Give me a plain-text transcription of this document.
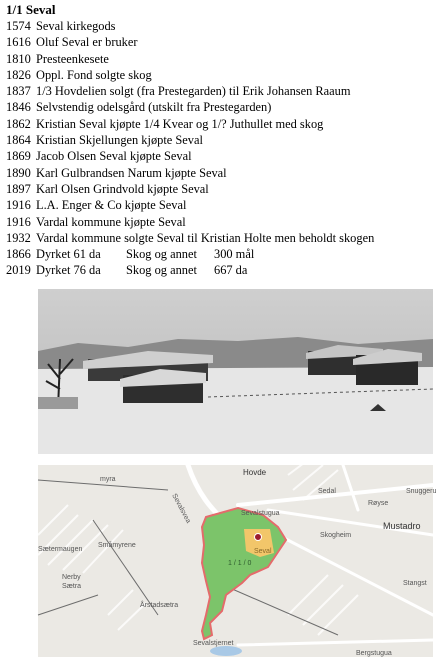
1/1 Seval
1574 Seval kirkegods
1616 Oluf Seval er bruker
1810 Presteenkesete
1826 Oppl. Fond solgte skog
1837 1/3 Hovdelien solgt (fra Prestegarden) til Erik Johansen Raaum
1846 Selvstendig odelsgård (utskilt fra Prestegarden)
1862 Kristian Seval kjøpte 1/4 Kvear og 1/? Juthullet med skog
1864 Kristian Skjellungen kjøpte Seval
1869 Jacob Olsen Seval kjøpte Seval
1890 Karl Gulbrandsen Narum kjøpte Seval
1897 Karl Olsen Grindvold kjøpte Seval
1916 L.A. Enger & Co kjøpte Seval
1916 Vardal kommune kjøpte Seval
1932 Vardal kommune solgte Seval til Kristian Holte men beholdt skogen
1866 Dyrket 61 da Skog og annet 300 mål
2019 Dyrket 76 da Skog og annet 667 da
myra
Hovde
Sedal
Røyse
Snuggeru
Sevalsvea	Sevalstugua
Mustadro
Skogheim
Sætermaugen
Småmyrene
Seval
1 / 1 / 0
Nerby
Sætra	Stangst
Årstadsætra
Sevalstjernet
Bergstugua
